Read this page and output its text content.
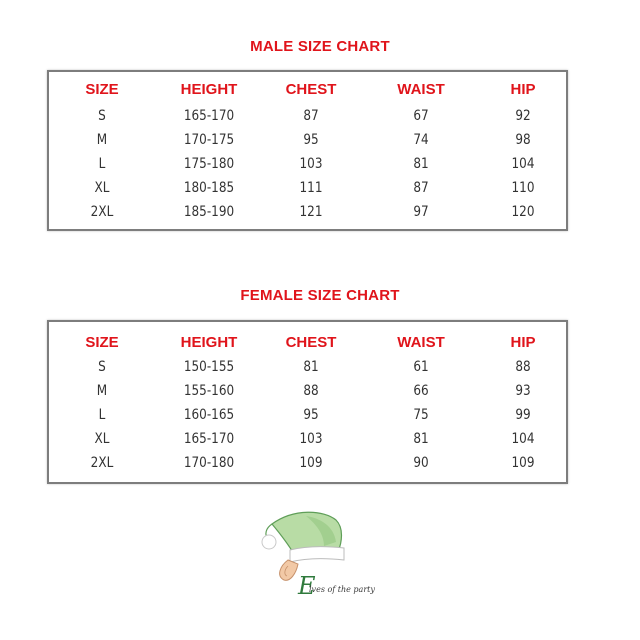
MALE SIZE CHART
SIZE	HEIGHT	CHEST	WAIST	HIP
S	165-170	87	67	92
M	170-175	95	74	98
L	175-180	103	81	104
XL	180-185	111	87	110
2XL	185-190	121	97	120
FEMALE SIZE CHART
SIZE	HEIGHT	CHEST	WAIST	HIP
S	150-155	81	61	88
M	155-160	88	66	93
L	160-165	95	75	99
XL	165-170	103	81	104
2XL	170-180	109	90	109
E
lves of the party
